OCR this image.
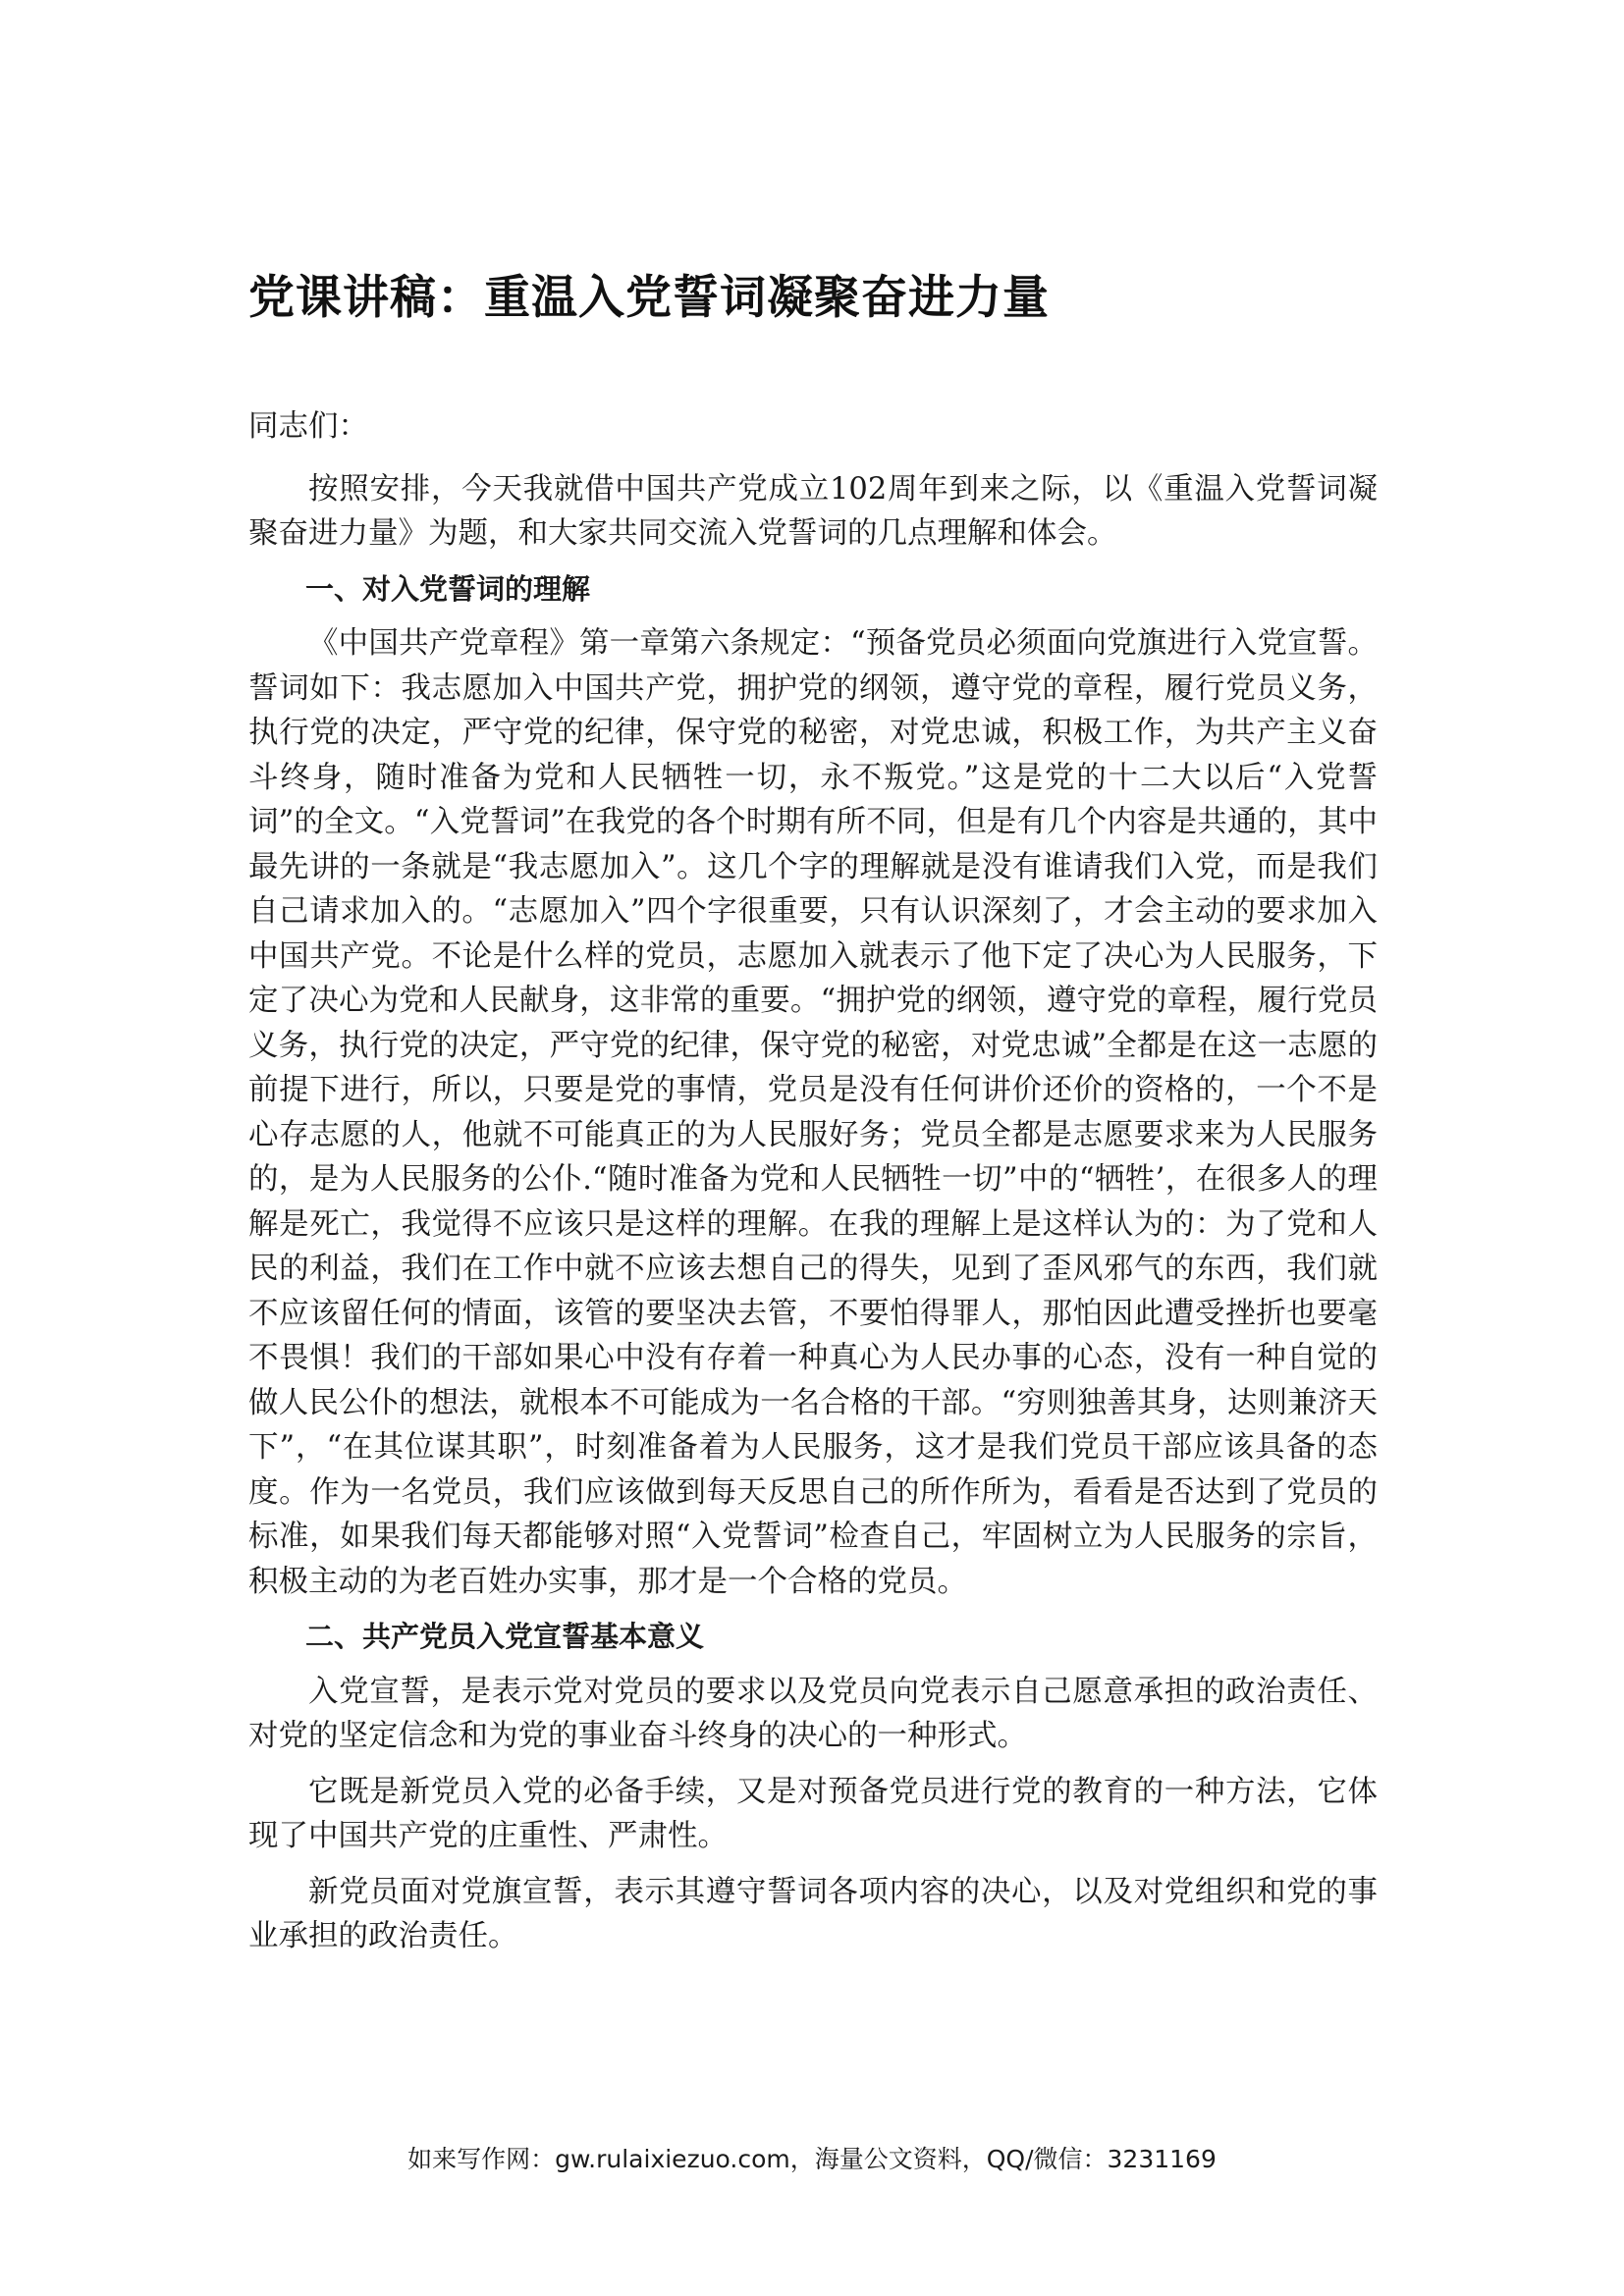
党课讲稿：重温入党誓词凝聚奋进力量

同志们：

按照安排，今天我就借中国共产党成立102周年到来之际，以《重温入党誓词凝聚奋进力量》为题，和大家共同交流入党誓词的几点理解和体会。

一、对入党誓词的理解

《中国共产党章程》第一章第六条规定：“预备党员必须面向党旗进行入党宣誓。誓词如下：我志愿加入中国共产党，拥护党的纲领，遵守党的章程，履行党员义务，执行党的决定，严守党的纪律，保守党的秘密，对党忠诚，积极工作，为共产主义奋斗终身，随时准备为党和人民牺牲一切，永不叛党。”这是党的十二大以后“入党誓词”的全文。“入党誓词”在我党的各个时期有所不同，但是有几个内容是共通的，其中最先讲的一条就是“我志愿加入”。这几个字的理解就是没有谁请我们入党，而是我们自己请求加入的。“志愿加入”四个字很重要，只有认识深刻了，才会主动的要求加入中国共产党。不论是什么样的党员，志愿加入就表示了他下定了决心为人民服务，下定了决心为党和人民献身，这非常的重要。“拥护党的纲领，遵守党的章程，履行党员义务，执行党的决定，严守党的纪律，保守党的秘密，对党忠诚”全都是在这一志愿的前提下进行，所以，只要是党的事情，党员是没有任何讲价还价的资格的，一个不是心存志愿的人，他就不可能真正的为人民服好务；党员全都是志愿要求来为人民服务的，是为人民服务的公仆.“随时准备为党和人民牺牲一切”中的“牺牲’，在很多人的理解是死亡，我觉得不应该只是这样的理解。在我的理解上是这样认为的：为了党和人民的利益，我们在工作中就不应该去想自己的得失，见到了歪风邪气的东西，我们就不应该留任何的情面，该管的要坚决去管，不要怕得罪人，那怕因此遭受挫折也要毫不畏惧！我们的干部如果心中没有存着一种真心为人民办事的心态，没有一种自觉的做人民公仆的想法，就根本不可能成为一名合格的干部。“穷则独善其身，达则兼济天下”，“在其位谋其职”，时刻准备着为人民服务，这才是我们党员干部应该具备的态度。作为一名党员，我们应该做到每天反思自己的所作所为，看看是否达到了党员的标准，如果我们每天都能够对照“入党誓词”检查自己，牢固树立为人民服务的宗旨，积极主动的为老百姓办实事，那才是一个合格的党员。

二、共产党员入党宣誓基本意义

入党宣誓，是表示党对党员的要求以及党员向党表示自己愿意承担的政治责任、对党的坚定信念和为党的事业奋斗终身的决心的一种形式。

它既是新党员入党的必备手续，又是对预备党员进行党的教育的一种方法，它体现了中国共产党的庄重性、严肃性。

新党员面对党旗宣誓，表示其遵守誓词各项内容的决心，以及对党组织和党的事业承担的政治责任。

如来写作网：gw.rulaixiezuo.com，海量公文资料，QQ/微信：3231169
